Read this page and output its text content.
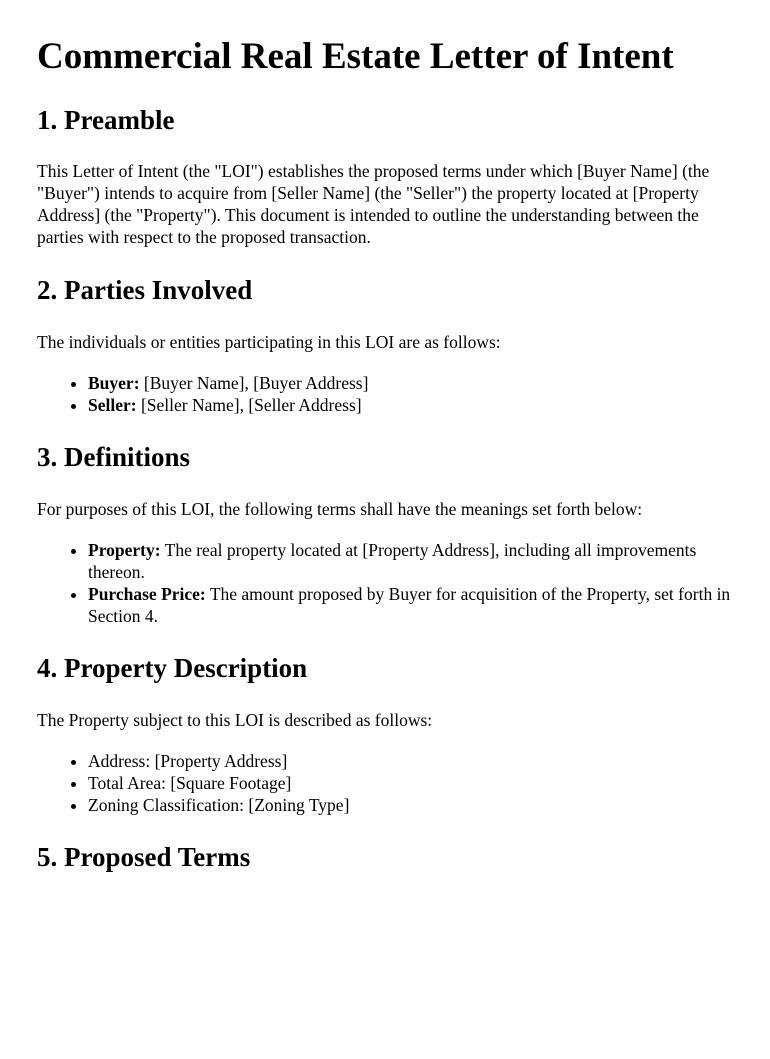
Commercial Real Estate Letter of Intent
1. Preamble

This Letter of Intent (the "LOI") establishes the proposed terms under which [Buyer Name] (the "Buyer") intends to acquire from [Seller Name] (the "Seller") the property located at [Property Address] (the "Property"). This document is intended to outline the understanding between the parties with respect to the proposed transaction.

2. Parties Involved

The individuals or entities participating in this LOI are as follows:

• Buyer: [Buyer Name], [Buyer Address]
• Seller: [Seller Name], [Seller Address]
3. Definitions

For purposes of this LOI, the following terms shall have the meanings set forth below:

• Property: The real property located at [Property Address], including all improvements thereon.
• Purchase Price: The amount proposed by Buyer for acquisition of the Property, set forth in Section 4.
4. Property Description

The Property subject to this LOI is described as follows:

• Address: [Property Address]
• Total Area: [Square Footage]
• Zoning Classification: [Zoning Type]
5. Proposed Terms
